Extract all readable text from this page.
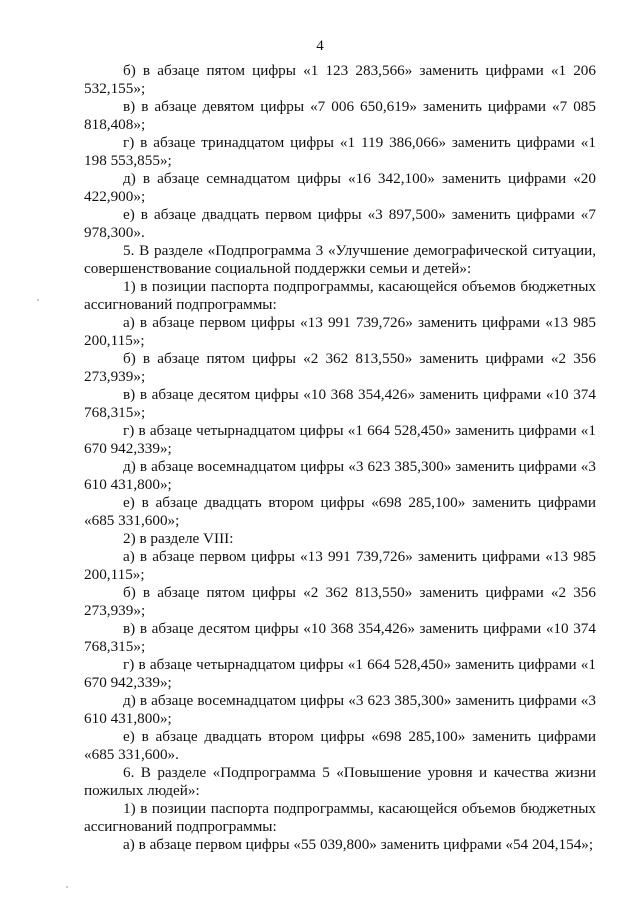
4

б) в абзаце пятом цифры «1 123 283,566» заменить цифрами «1 206 532,155»;

в) в абзаце девятом цифры «7 006 650,619» заменить цифрами «7 085 818,408»;

г) в абзаце тринадцатом цифры «1 119 386,066» заменить цифрами «1 198 553,855»;

д) в абзаце семнадцатом цифры «16 342,100» заменить цифрами «20 422,900»;

е) в абзаце двадцать первом цифры «3 897,500» заменить цифрами «7 978,300».

5. В разделе «Подпрограмма 3 «Улучшение демографической ситуации, совершенствование социальной поддержки семьи и детей»:

1) в позиции паспорта подпрограммы, касающейся объемов бюджетных ассигнований подпрограммы:

а) в абзаце первом цифры «13 991 739,726» заменить цифрами «13 985 200,115»;

б) в абзаце пятом цифры «2 362 813,550» заменить цифрами «2 356 273,939»;

в) в абзаце десятом цифры «10 368 354,426» заменить цифрами «10 374 768,315»;

г) в абзаце четырнадцатом цифры «1 664 528,450» заменить цифрами «1 670 942,339»;

д) в абзаце восемнадцатом цифры «3 623 385,300» заменить цифрами «3 610 431,800»;

е) в абзаце двадцать втором цифры «698 285,100» заменить цифрами «685 331,600»;

2) в разделе VIII:

а) в абзаце первом цифры «13 991 739,726» заменить цифрами «13 985 200,115»;

б) в абзаце пятом цифры «2 362 813,550» заменить цифрами «2 356 273,939»;

в) в абзаце десятом цифры «10 368 354,426» заменить цифрами «10 374 768,315»;

г) в абзаце четырнадцатом цифры «1 664 528,450» заменить цифрами «1 670 942,339»;

д) в абзаце восемнадцатом цифры «3 623 385,300» заменить цифрами «3 610 431,800»;

е) в абзаце двадцать втором цифры «698 285,100» заменить цифрами «685 331,600».

6. В разделе «Подпрограмма 5 «Повышение уровня и качества жизни пожилых людей»:

1) в позиции паспорта подпрограммы, касающейся объемов бюджетных ассигнований подпрограммы:

а) в абзаце первом цифры «55 039,800» заменить цифрами «54 204,154»;
